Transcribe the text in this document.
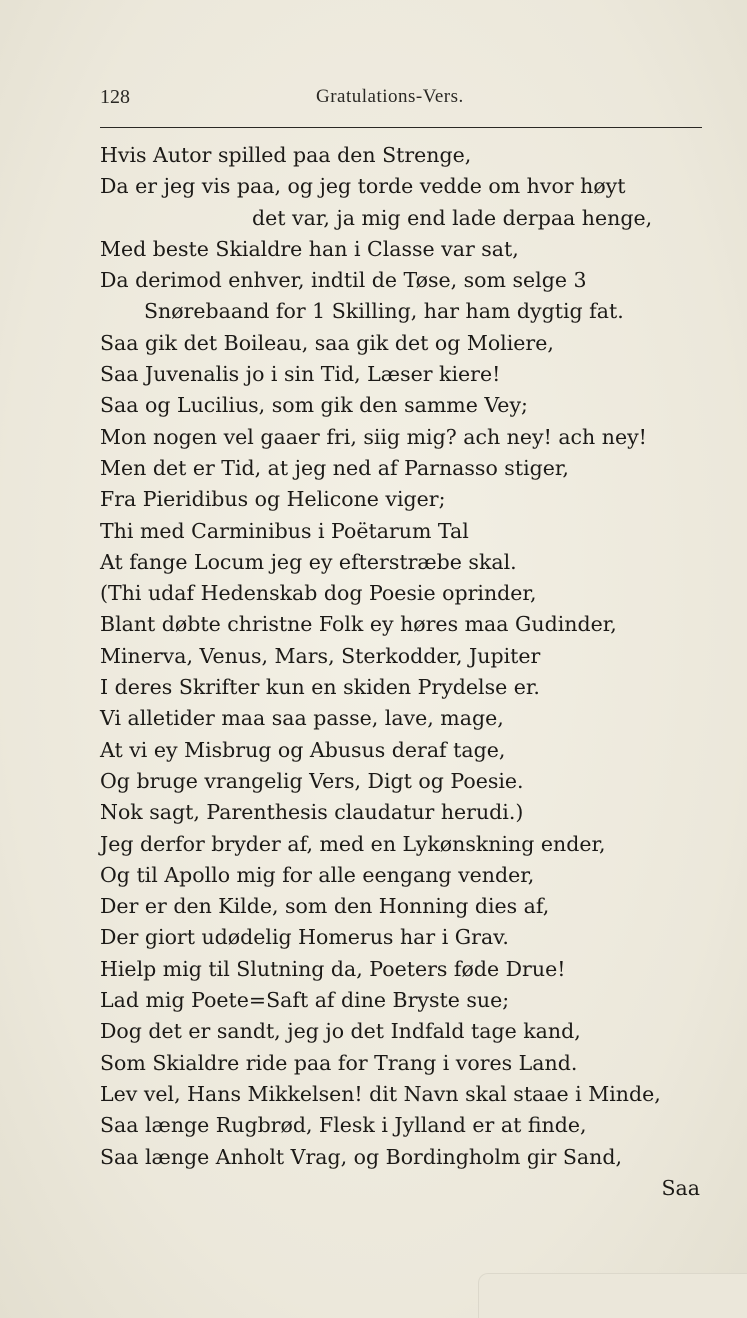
128	Gratulations-Vers.
Hvis Autor spilled paa den Strenge,
Da er jeg vis paa, og jeg torde vedde om hvor høyt
det var, ja mig end lade derpaa henge,
Med beste Skialdre han i Classe var sat,
Da derimod enhver, indtil de Tøse, som selge 3
Snørebaand for 1 Skilling, har ham dygtig fat.
Saa gik det Boileau, saa gik det og Moliere,
Saa Juvenalis jo i sin Tid, Læser kiere!
Saa og Lucilius, som gik den samme Vey;
Mon nogen vel gaaer fri, siig mig? ach ney! ach ney!
Men det er Tid, at jeg ned af Parnasso stiger,
Fra Pieridibus og Helicone viger;
Thi med Carminibus i Poëtarum Tal
At fange Locum jeg ey efterstræbe skal.
(Thi udaf Hedenskab dog Poesie oprinder,
Blant døbte christne Folk ey høres maa Gudinder,
Minerva, Venus, Mars, Sterkodder, Jupiter
I deres Skrifter kun en skiden Prydelse er.
Vi alletider maa saa passe, lave, mage,
At vi ey Misbrug og Abusus deraf tage,
Og bruge vrangelig Vers, Digt og Poesie.
Nok sagt, Parenthesis claudatur herudi.)
Jeg derfor bryder af, med en Lykønskning ender,
Og til Apollo mig for alle eengang vender,
Der er den Kilde, som den Honning dies af,
Der giort udødelig Homerus har i Grav.
Hielp mig til Slutning da, Poeters føde Drue!
Lad mig Poete=Saft af dine Bryste sue;
Dog det er sandt, jeg jo det Indfald tage kand,
Som Skialdre ride paa for Trang i vores Land.
Lev vel, Hans Mikkelsen! dit Navn skal staae i Minde,
Saa længe Rugbrød, Flesk i Jylland er at finde,
Saa længe Anholt Vrag, og Bordingholm gir Sand,
Saa
